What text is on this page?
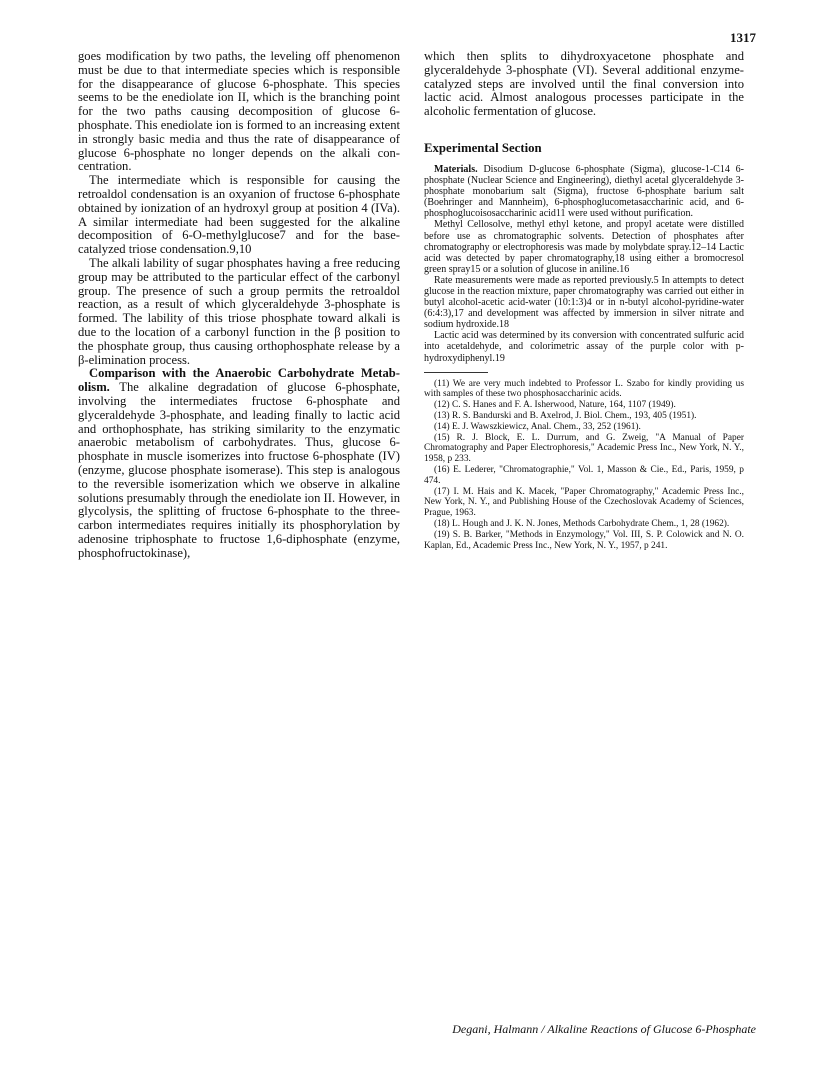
1317

goes modification by two paths, the leveling off phenomenon must be due to that intermediate species which is responsible for the disappearance of glucose 6-phosphate. This species seems to be the enediolate ion II, which is the branching point for the two paths causing decomposition of glucose 6-phosphate. This enediolate ion is formed to an increasing extent in strongly basic media and thus the rate of disappearance of glucose 6-phosphate no longer depends on the alkali concentration.

The intermediate which is responsible for causing the retroaldol condensation is an oxyanion of fructose 6-phosphate obtained by ionization of an hydroxyl group at position 4 (IVa). A similar intermediate had been suggested for the alkaline decomposition of 6-O-methylglucose7 and for the base-catalyzed triose condensation.9,10

The alkali lability of sugar phosphates having a free reducing group may be attributed to the particular effect of the carbonyl group. The presence of such a group permits the retroaldol reaction, as a result of which glyceraldehyde 3-phosphate is formed. The lability of this triose phosphate toward alkali is due to the location of a carbonyl function in the β position to the phosphate group, thus causing orthophosphate release by a β-elimination process.

Comparison with the Anaerobic Carbohydrate Metabolism. The alkaline degradation of glucose 6-phosphate, involving the intermediates fructose 6-phosphate and glyceraldehyde 3-phosphate, and leading finally to lactic acid and orthophosphate, has striking similarity to the enzymatic anaerobic metabolism of carbohydrates. Thus, glucose 6-phosphate in muscle isomerizes into fructose 6-phosphate (IV) (enzyme, glucose phosphate isomerase). This step is analogous to the reversible isomerization which we observe in alkaline solutions presumably through the enediolate ion II. However, in glycolysis, the splitting of fructose 6-phosphate to the three-carbon intermediates requires initially its phosphorylation by adenosine triphosphate to fructose 1,6-diphosphate (enzyme, phosphofructokinase),

which then splits to dihydroxyacetone phosphate and glyceraldehyde 3-phosphate (VI). Several additional enzyme-catalyzed steps are involved until the final conversion into lactic acid. Almost analogous processes participate in the alcoholic fermentation of glucose.

Experimental Section

Materials. Disodium D-glucose 6-phosphate (Sigma), glucose-1-C14 6-phosphate (Nuclear Science and Engineering), diethyl acetal glyceraldehyde 3-phosphate monobarium salt (Sigma), fructose 6-phosphate barium salt (Boehringer and Mannheim), 6-phosphoglucometasaccharinic acid, and 6-phosphoglucoisosaccharinic acid11 were used without purification.

Methyl Cellosolve, methyl ethyl ketone, and propyl acetate were distilled before use as chromatographic solvents. Detection of phosphates after chromatography or electrophoresis was made by molybdate spray.12–14 Lactic acid was detected by paper chromatography,18 using either a bromocresol green spray15 or a solution of glucose in aniline.16

Rate measurements were made as reported previously.5 In attempts to detect glucose in the reaction mixture, paper chromatography was carried out either in butyl alcohol-acetic acid-water (10:1:3)4 or in n-butyl alcohol-pyridine-water (6:4:3),17 and development was affected by immersion in silver nitrate and sodium hydroxide.18

Lactic acid was determined by its conversion with concentrated sulfuric acid into acetaldehyde, and colorimetric assay of the purple color with p-hydroxydiphenyl.19

(11) We are very much indebted to Professor L. Szabo for kindly providing us with samples of these two phosphosaccharinic acids.
(12) C. S. Hanes and F. A. Isherwood, Nature, 164, 1107 (1949).
(13) R. S. Bandurski and B. Axelrod, J. Biol. Chem., 193, 405 (1951).
(14) E. J. Wawszkiewicz, Anal. Chem., 33, 252 (1961).
(15) R. J. Block, E. L. Durrum, and G. Zweig, "A Manual of Paper Chromatography and Paper Electrophoresis," Academic Press Inc., New York, N. Y., 1958, p 233.
(16) E. Lederer, "Chromatographie," Vol. 1, Masson & Cie., Ed., Paris, 1959, p 474.
(17) I. M. Hais and K. Macek, "Paper Chromatography," Academic Press Inc., New York, N. Y., and Publishing House of the Czechoslovak Academy of Sciences, Prague, 1963.
(18) L. Hough and J. K. N. Jones, Methods Carbohydrate Chem., 1, 28 (1962).
(19) S. B. Barker, "Methods in Enzymology," Vol. III, S. P. Colowick and N. O. Kaplan, Ed., Academic Press Inc., New York, N. Y., 1957, p 241.
Degani, Halmann / Alkaline Reactions of Glucose 6-Phosphate
